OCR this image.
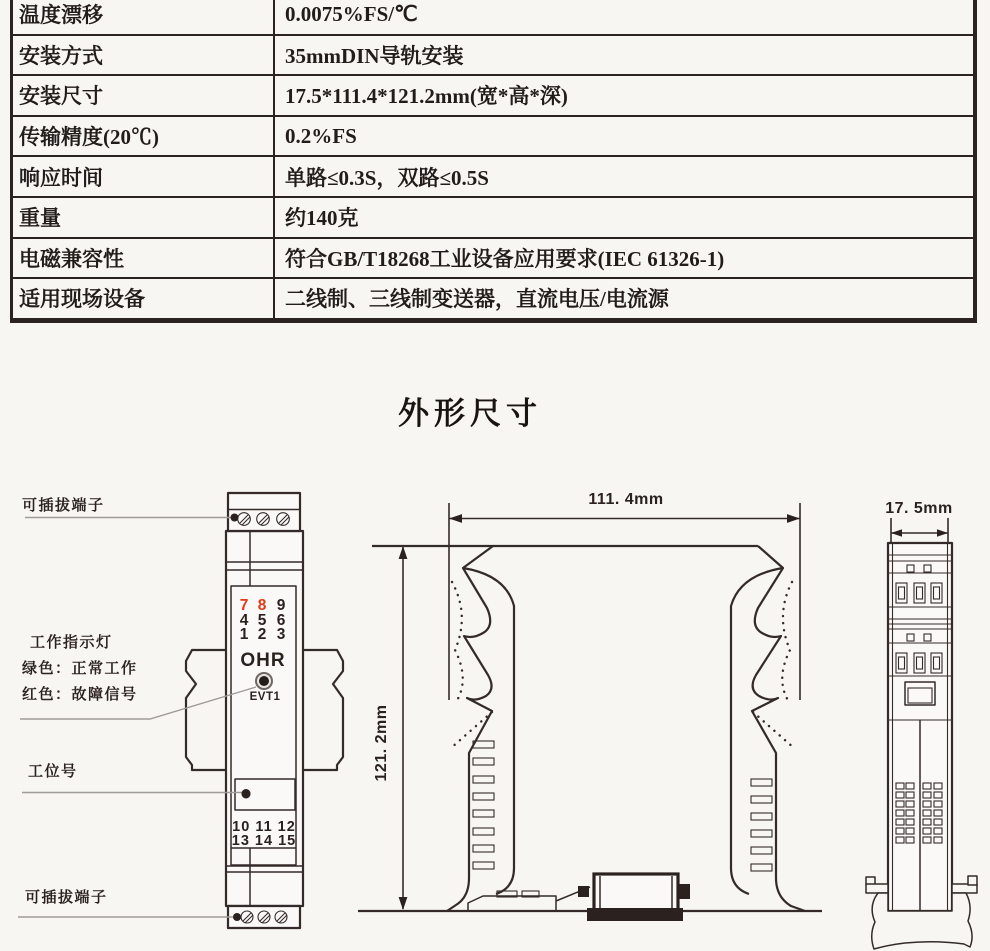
温度漂移	0.0075%FS/℃
安装方式	35mmDIN导轨安装
安装尺寸	17.5*111.4*121.2mm(宽*高*深)
传输精度(20℃)	0.2%FS
响应时间	单路≤0.3S，双路≤0.5S
重量	约140克
电磁兼容性	符合GB/T18268工业设备应用要求(IEC 61326-1)
适用现场设备	二线制、三线制变送器，直流电压/电流源
外形尺寸
7 8 9
4 5 6
1 2 3
OHR
EVT1
10 11 12
13 14 15
可插拔端子
工作指示灯
绿色：正常工作
红色：故障信号
工位号
可插拔端子
111. 4mm
121. 2mm
17. 5mm
